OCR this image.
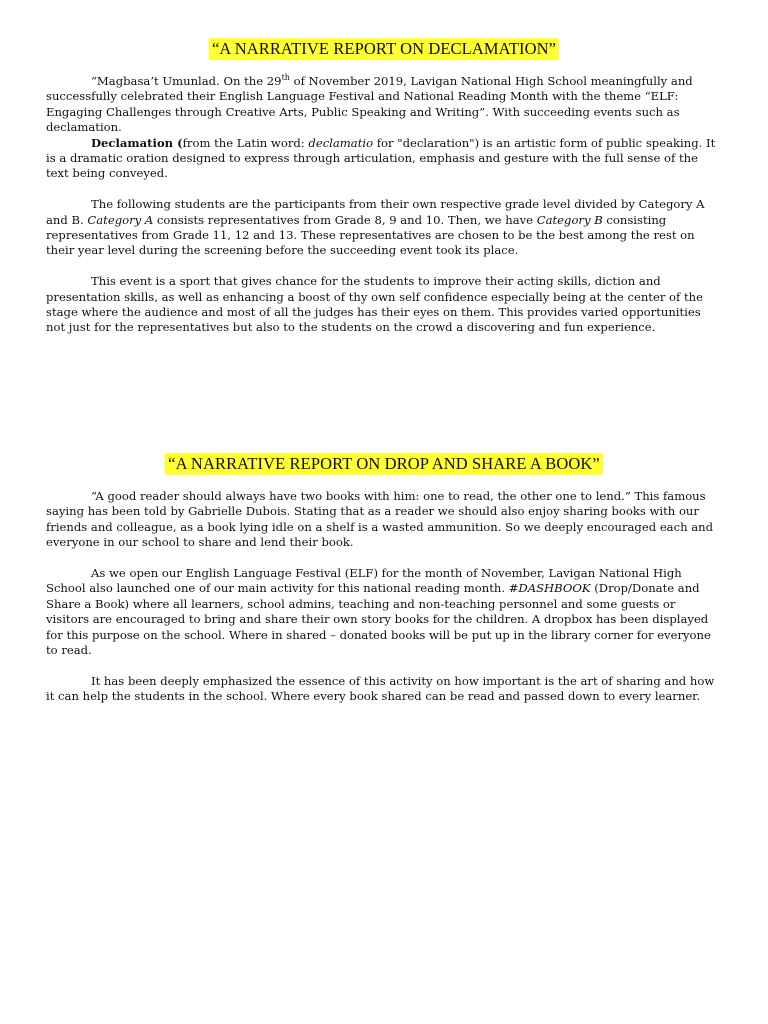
“A NARRATIVE REPORT ON DECLAMATION”

“Magbasa’t Umunlad. On the 29th of November 2019, Lavigan National High School meaningfully and successfully celebrated their English Language Festival and National Reading Month with the theme “ELF: Engaging Challenges through Creative Arts, Public Speaking and Writing”. With succeeding events such as declamation.

Declamation (from the Latin word: declamatio for "declaration") is an artistic form of public speaking. It is a dramatic oration designed to express through articulation, emphasis and gesture with the full sense of the text being conveyed.

The following students are the participants from their own respective grade level divided by Category A and B. Category A consists representatives from Grade 8, 9 and 10. Then, we have Category B consisting representatives from Grade 11, 12 and 13. These representatives are chosen to be the best among the rest on their year level during the screening before the succeeding event took its place.

This event is a sport that gives chance for the students to improve their acting skills, diction and presentation skills, as well as enhancing a boost of thy own self confidence especially being at the center of the stage where the audience and most of all the judges has their eyes on them. This provides varied opportunities not just for the representatives but also to the students on the crowd a discovering and fun experience.

“A NARRATIVE REPORT ON DROP AND SHARE A BOOK”

“A good reader should always have two books with him: one to read, the other one to lend.” This famous saying has been told by Gabrielle Dubois. Stating that as a reader we should also enjoy sharing books with our friends and colleague, as a book lying idle on a shelf is a wasted ammunition. So we deeply encouraged each and everyone in our school to share and lend their book.

As we open our English Language Festival (ELF) for the month of November, Lavigan National High School also launched one of our main activity for this national reading month. #DASHBOOK (Drop/Donate and Share a Book) where all learners, school admins, teaching and non-teaching personnel and some guests or visitors are encouraged to bring and share their own story books for the children. A dropbox has been displayed for this purpose on the school. Where in shared – donated books will be put up in the library corner for everyone to read.

It has been deeply emphasized the essence of this activity on how important is the art of sharing and how it can help the students in the school. Where every book shared can be read and passed down to every learner.
